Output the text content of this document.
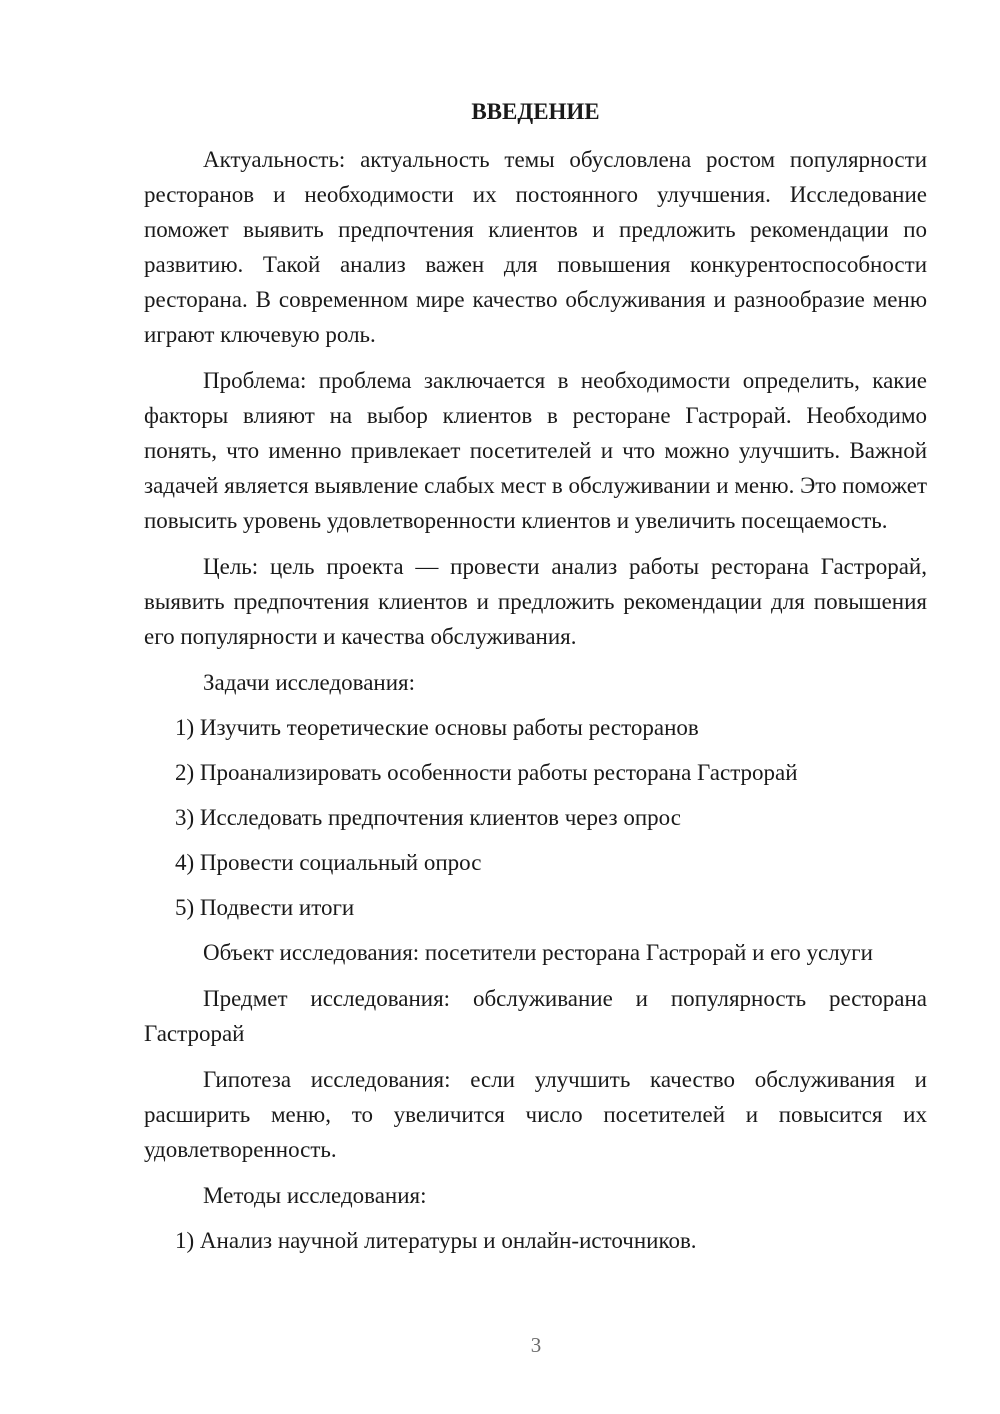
ВВЕДЕНИЕ

Актуальность: актуальность темы обусловлена ростом популярности ресторанов и необходимости их постоянного улучшения. Исследование поможет выявить предпочтения клиентов и предложить рекомендации по развитию. Такой анализ важен для повышения конкурентоспособности ресторана. В современном мире качество обслуживания и разнообразие меню играют ключевую роль.

Проблема: проблема заключается в необходимости определить, какие факторы влияют на выбор клиентов в ресторане Гастрорай. Необходимо понять, что именно привлекает посетителей и что можно улучшить. Важной задачей является выявление слабых мест в обслуживании и меню. Это поможет повысить уровень удовлетворенности клиентов и увеличить посещаемость.

Цель: цель проекта — провести анализ работы ресторана Гастрорай, выявить предпочтения клиентов и предложить рекомендации для повышения его популярности и качества обслуживания.

Задачи исследования:

1) Изучить теоретические основы работы ресторанов

2) Проанализировать особенности работы ресторана Гастрорай

3) Исследовать предпочтения клиентов через опрос

4) Провести социальный опрос

5) Подвести итоги

Объект исследования: посетители ресторана Гастрорай и его услуги

Предмет исследования: обслуживание и популярность ресторана Гастрорай

Гипотеза исследования: если улучшить качество обслуживания и расширить меню, то увеличится число посетителей и повысится их удовлетворенность.

Методы исследования:

1) Анализ научной литературы и онлайн-источников.

3
